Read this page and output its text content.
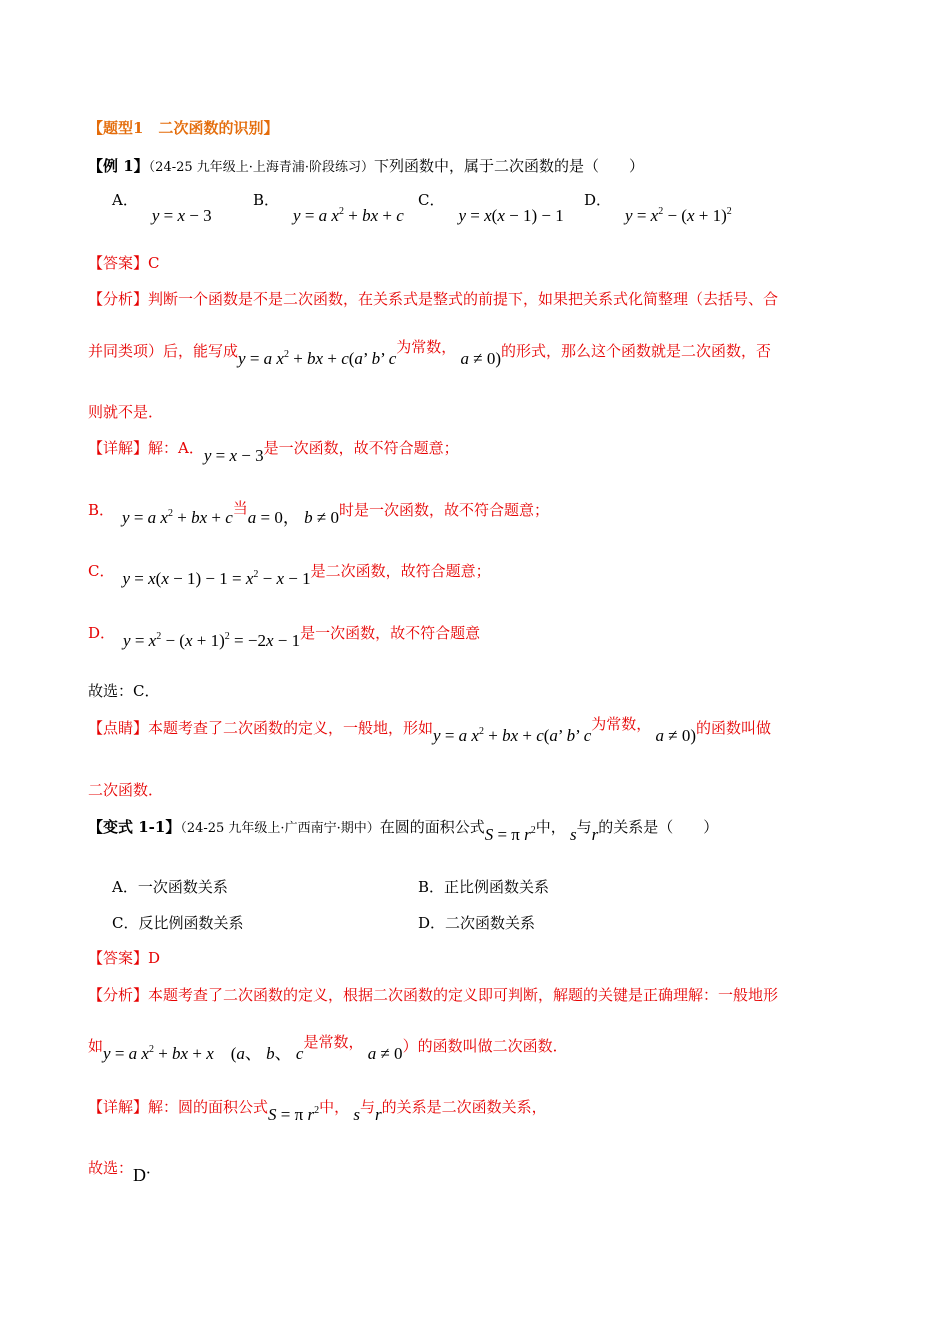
【题型1　二次函数的识别】
【例 1】（24-25 九年级上·上海青浦·阶段练习）下列函数中，属于二次函数的是（　　）
A．y = x − 3
B．y = a $x^2$ + bx + c
C．y = x(x − 1) − 1
D．$y = x^2 - (x + 1)^2$
【答案】C
【分析】判断一个函数是不是二次函数，在关系式是整式的前提下，如果把关系式化简整理（去括号、合
并同类项）后，能写成y = a $x^2$ + bx + c(a’ b’ c为常数， a ≠ 0)的形式，那么这个函数就是二次函数，否
则就不是．
【详解】解：A．y = x − 3是一次函数，故不符合题意；
B． y = a $x^2$ + bx + c当a = 0， b ≠ 0时是一次函数，故不符合题意；
C． $y = x(x - 1) - 1 = x^2 - x - 1$是二次函数，故符合题意；
D． $y = x^2 - (x + 1)^2 = -2x - 1$是一次函数，故不符合题意
故选：C．
【点睛】本题考查了二次函数的定义，一般地，形如y = a $x^2$ + bx + c(a’ b’ c为常数， a ≠ 0)的函数叫做
二次函数．
【变式 1-1】（24-25 九年级上·广西南宁·期中）在圆的面积公式S = π $r^2$中， s与r的关系是（　　）
A．一次函数关系	B．正比例函数关系
C．反比例函数关系	D．二次函数关系
【答案】D
【分析】本题考查了二次函数的定义，根据二次函数的定义即可判断，解题的关键是正确理解：一般地形
如y = a $x^2$ + bx + x　(a、 b、 c是常数， a ≠ 0）的函数叫做二次函数．
【详解】解：圆的面积公式S = π $r^2$中， s与r的关系是二次函数关系，
故选：D．
